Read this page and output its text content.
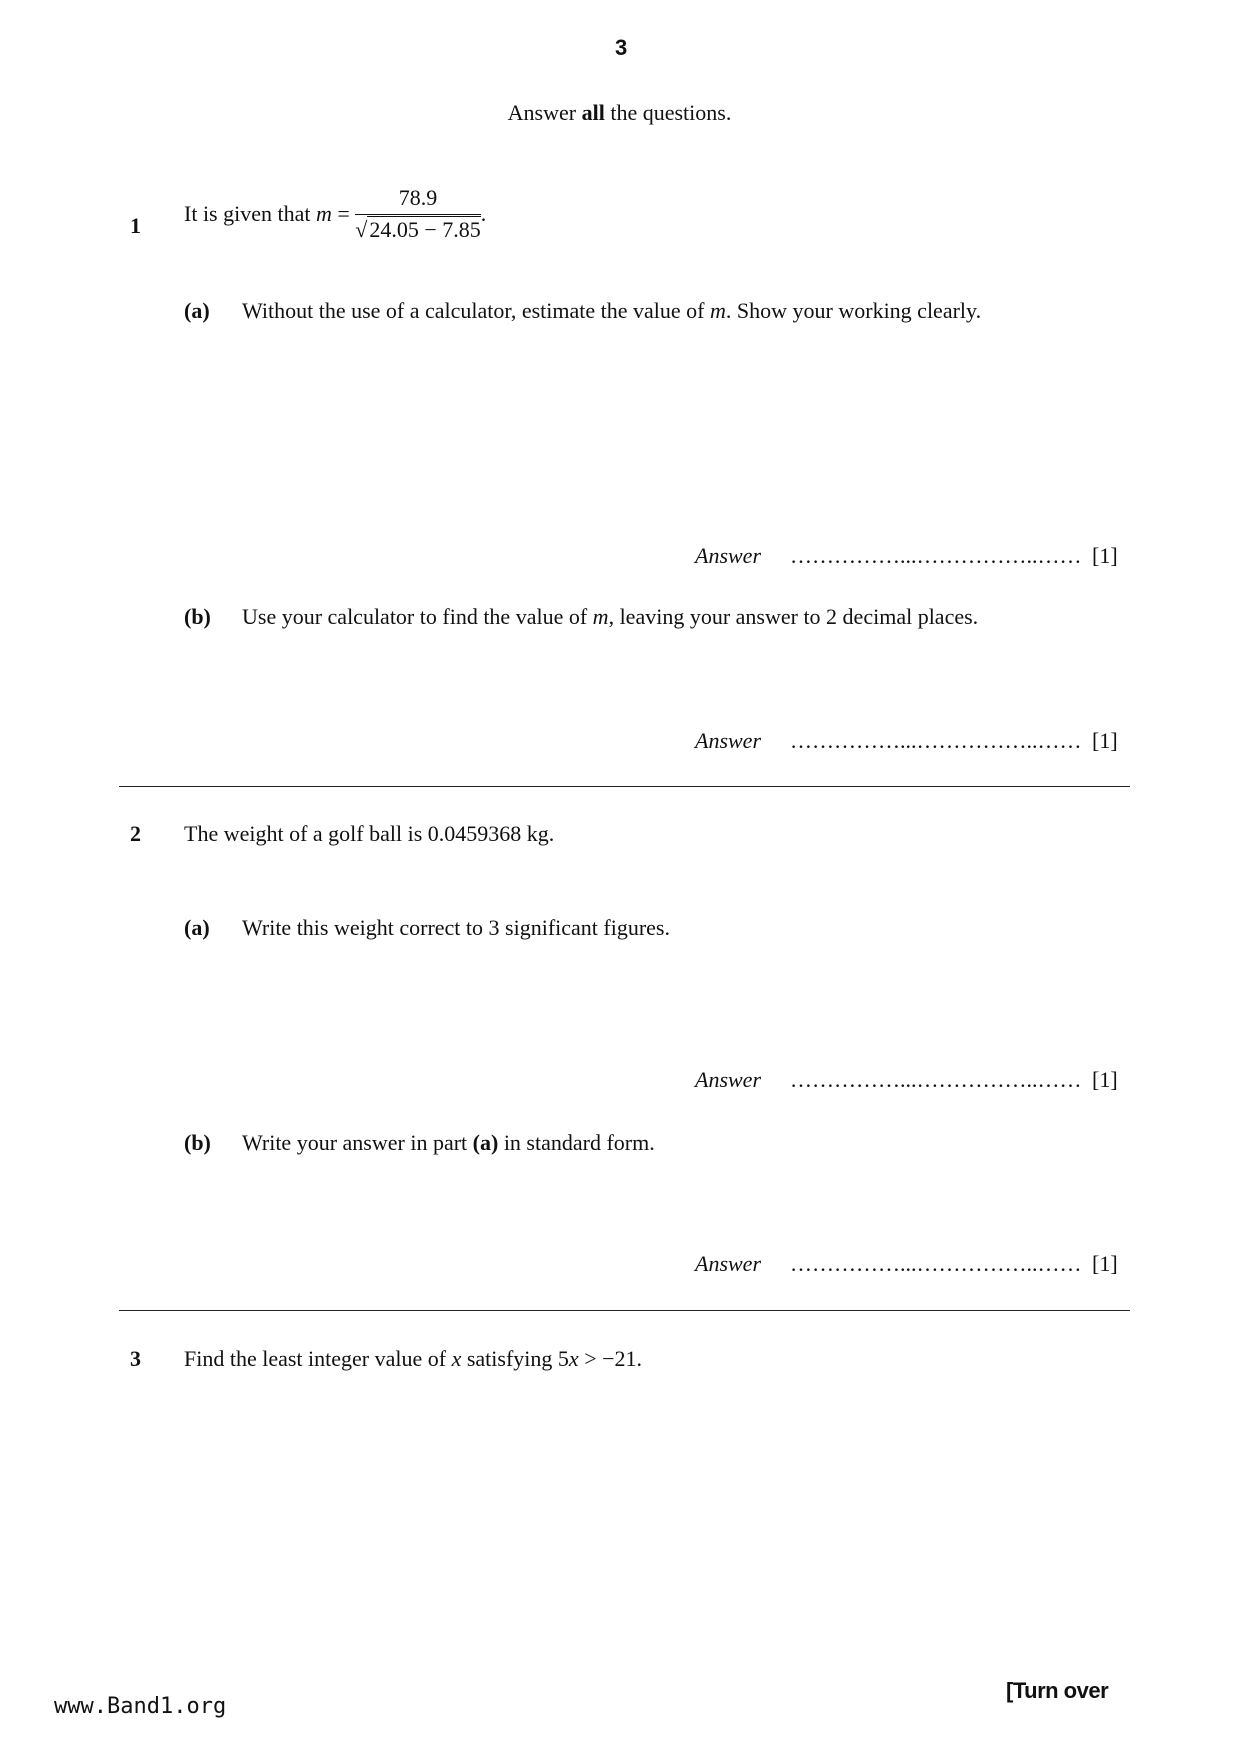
3
Answer all the questions.
1 It is given that $m = \frac{78.9}{√24.05 - 7.85}$ .
(a) Without the use of a calculator, estimate the value of m. Show your working clearly.
Answer ……………...……………..…… [1]
(b) Use your calculator to find the value of m, leaving your answer to 2 decimal places.
Answer ……………...……………..…… [1]
2 The weight of a golf ball is 0.0459368 kg.
(a) Write this weight correct to 3 significant figures.
Answer ……………...……………..…… [1]
(b) Write your answer in part (a) in standard form.
Answer ……………...……………..…… [1]
3 Find the least integer value of x satisfying 5x > −21.
www.Band1.org
[Turn over
